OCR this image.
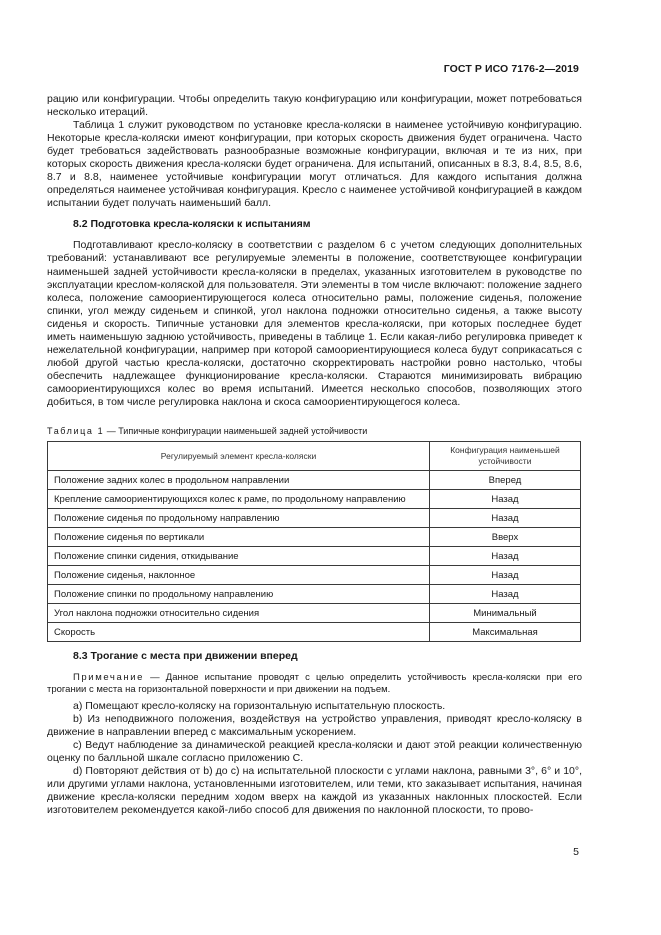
ГОСТ Р ИСО 7176-2—2019

рацию или конфигурации. Чтобы определить такую конфигурацию или конфигурации, может потребоваться несколько итераций.

Таблица 1 служит руководством по установке кресла-коляски в наименее устойчивую конфигурацию. Некоторые кресла-коляски имеют конфигурации, при которых скорость движения будет ограничена. Часто будет требоваться задействовать разнообразные возможные конфигурации, включая и те из них, при которых скорость движения кресла-коляски будет ограничена. Для испытаний, описанных в 8.3, 8.4, 8.5, 8.6, 8.7 и 8.8, наименее устойчивые конфигурации могут отличаться. Для каждого испытания должна определяться наименее устойчивая конфигурация. Кресло с наименее устойчивой конфигурацией в каждом испытании будет получать наименьший балл.

8.2 Подготовка кресла-коляски к испытаниям

Подготавливают кресло-коляску в соответствии с разделом 6 с учетом следующих дополнительных требований: устанавливают все регулируемые элементы в положение, соответствующее конфигурации наименьшей задней устойчивости кресла-коляски в пределах, указанных изготовителем в руководстве по эксплуатации креслом-коляской для пользователя. Эти элементы в том числе включают: положение заднего колеса, положение самоориентирующегося колеса относительно рамы, положение сиденья, положение спинки, угол между сиденьем и спинкой, угол наклона подножки относительно сиденья, а также высоту сиденья и скорость. Типичные установки для элементов кресла-коляски, при которых последнее будет иметь наименьшую заднюю устойчивость, приведены в таблице 1. Если какая-либо регулировка приведет к нежелательной конфигурации, например при которой самоориентирующиеся колеса будут соприкасаться с любой другой частью кресла-коляски, достаточно скорректировать настройки ровно настолько, чтобы обеспечить надлежащее функционирование кресла-коляски. Стараются минимизировать вибрацию самоориентирующихся колес во время испытаний. Имеется несколько способов, позволяющих этого добиться, в том числе регулировка наклона и скоса самоориентирующегося колеса.

Таблица 1 — Типичные конфигурации наименьшей задней устойчивости
Регулируемый элемент кресла-коляски	Конфигурация наименьшей устойчивости
Положение задних колес в продольном направлении	Вперед
Крепление самоориентирующихся колес к раме, по продольному направлению	Назад
Положение сиденья по продольному направлению	Назад
Положение сиденья по вертикали	Вверх
Положение спинки сидения, откидывание	Назад
Положение сиденья, наклонное	Назад
Положение спинки по продольному направлению	Назад
Угол наклона подножки относительно сидения	Минимальный
Скорость	Максимальная
8.3 Трогание с места при движении вперед

Примечание — Данное испытание проводят с целью определить устойчивость кресла-коляски при его трогании с места на горизонтальной поверхности и при движении на подъем.

a) Помещают кресло-коляску на горизонтальную испытательную плоскость.

b) Из неподвижного положения, воздействуя на устройство управления, приводят кресло-коляску в движение в направлении вперед с максимальным ускорением.

c) Ведут наблюдение за динамической реакцией кресла-коляски и дают этой реакции количественную оценку по балльной шкале согласно приложению С.

d) Повторяют действия от b) до c) на испытательной плоскости с углами наклона, равными 3°, 6° и 10°, или другими углами наклона, установленными изготовителем, или теми, кто заказывает испытания, начиная движение кресла-коляски передним ходом вверх на каждой из указанных наклонных плоскостей. Если изготовителем рекомендуется какой-либо способ для движения по наклонной плоскости, то прово-

5
